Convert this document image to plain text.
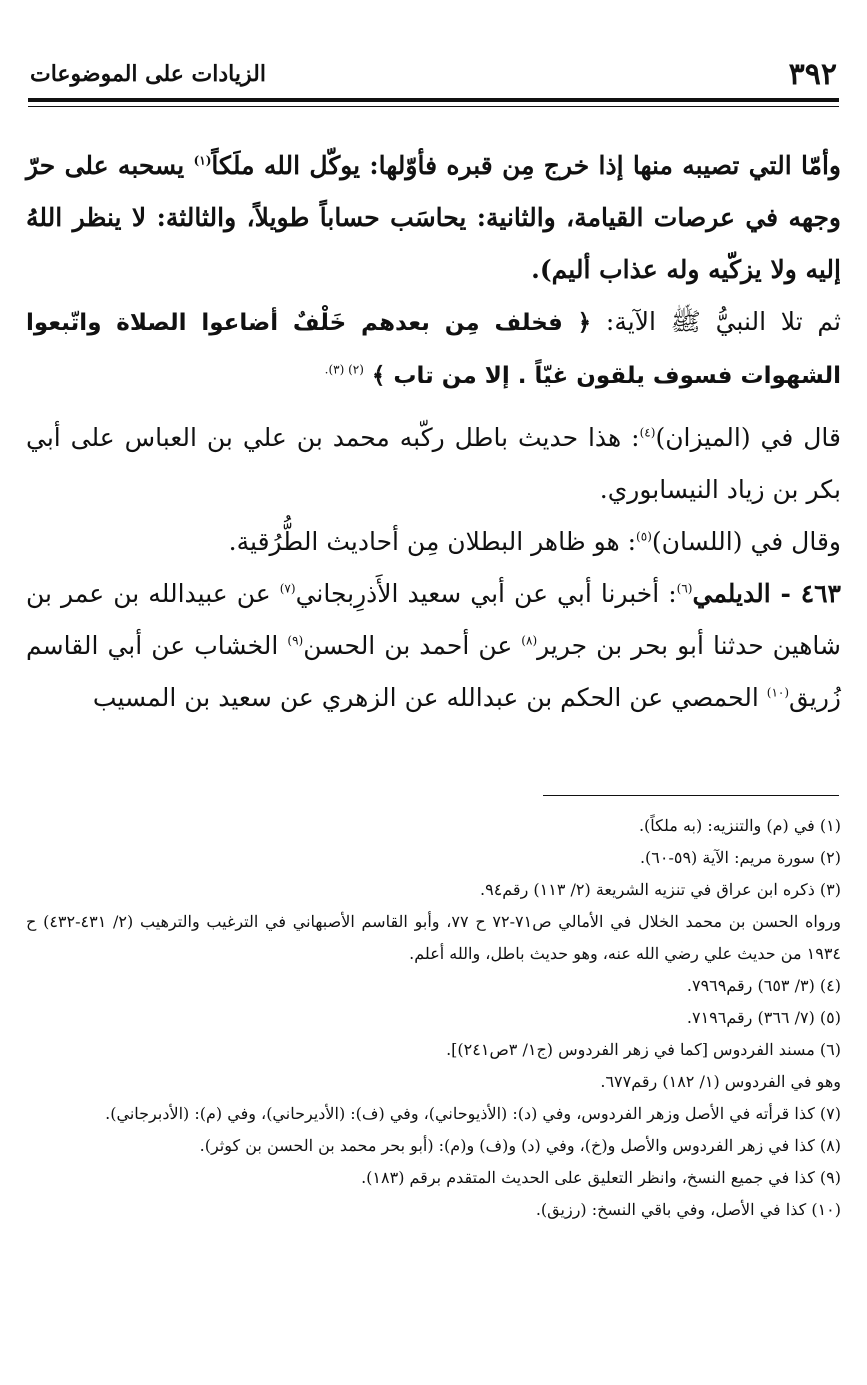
٣٩٢
الزيادات على الموضوعات

وأمّا التي تصيبه منها إذا خرج مِن قبره فأوّلها: يوكّل الله ملَكاً$^{(١)}$ يسحبه على حرّ وجهه في عرصات القيامة، والثانية: يحاسَب حساباً طويلاً، والثالثة: لا ينظر اللهُ إليه ولا يزكّيه وله عذاب أليم).

ثم تلا النبيُّ ﷺ الآية: ﴿ فخلف مِن بعدهم خَلْفٌ أضاعوا الصلاة واتّبعوا الشهوات فسوف يلقون غيّاً . إلا من تاب ﴾ $^{(٢) (٣).}$

قال في (الميزان)$^{(٤)}$: هذا حديث باطل ركّبه محمد بن علي بن العباس على أبي بكر بن زياد النيسابوري.

وقال في (اللسان)$^{(٥)}$: هو ظاهر البطلان مِن أحاديث الطُّرُقية.

٤٦٣ - الديلمي$^{(٦)}$: أخبرنا أبي عن أبي سعيد الأَذرِبجاني$^{(٧)}$ عن عبيدالله بن عمر بن شاهين حدثنا أبو بحر بن جرير$^{(٨)}$ عن أحمد بن الحسن$^{(٩)}$ الخشاب عن أبي القاسم زُريق$^{(١٠)}$ الحمصي عن الحكم بن عبدالله عن الزهري عن سعيد بن المسيب

(١) في (م) والتنزيه: (به ملكاً).

(٢) سورة مريم: الآية (٥٩-٦٠).

(٣) ذكره ابن عراق في تنزيه الشريعة (٢/ ١١٣) رقم٩٤.

ورواه الحسن بن محمد الخلال في الأمالي ص٧١-٧٢ ح ٧٧، وأبو القاسم الأصبهاني في الترغيب والترهيب (٢/ ٤٣١-٤٣٢) ح ١٩٣٤ من حديث علي رضي الله عنه، وهو حديث باطل، والله أعلم.

(٤) (٣/ ٦٥٣) رقم٧٩٦٩.

(٥) (٧/ ٣٦٦) رقم٧١٩٦.

(٦) مسند الفردوس [كما في زهر الفردوس (ج١/ ٣ص٢٤١)].

وهو في الفردوس (١/ ١٨٢) رقم٦٧٧.

(٧) كذا قرأته في الأصل وزهر الفردوس، وفي (د): (الأذيوحاني)، وفي (ف): (الأديرحاني)، وفي (م): (الأدبرجاني).

(٨) كذا في زهر الفردوس والأصل و(خ)، وفي (د) و(ف) و(م): (أبو بحر محمد بن الحسن بن كوثر).

(٩) كذا في جميع النسخ، وانظر التعليق على الحديث المتقدم برقم (١٨٣).

(١٠) كذا في الأصل، وفي باقي النسخ: (رزيق).
